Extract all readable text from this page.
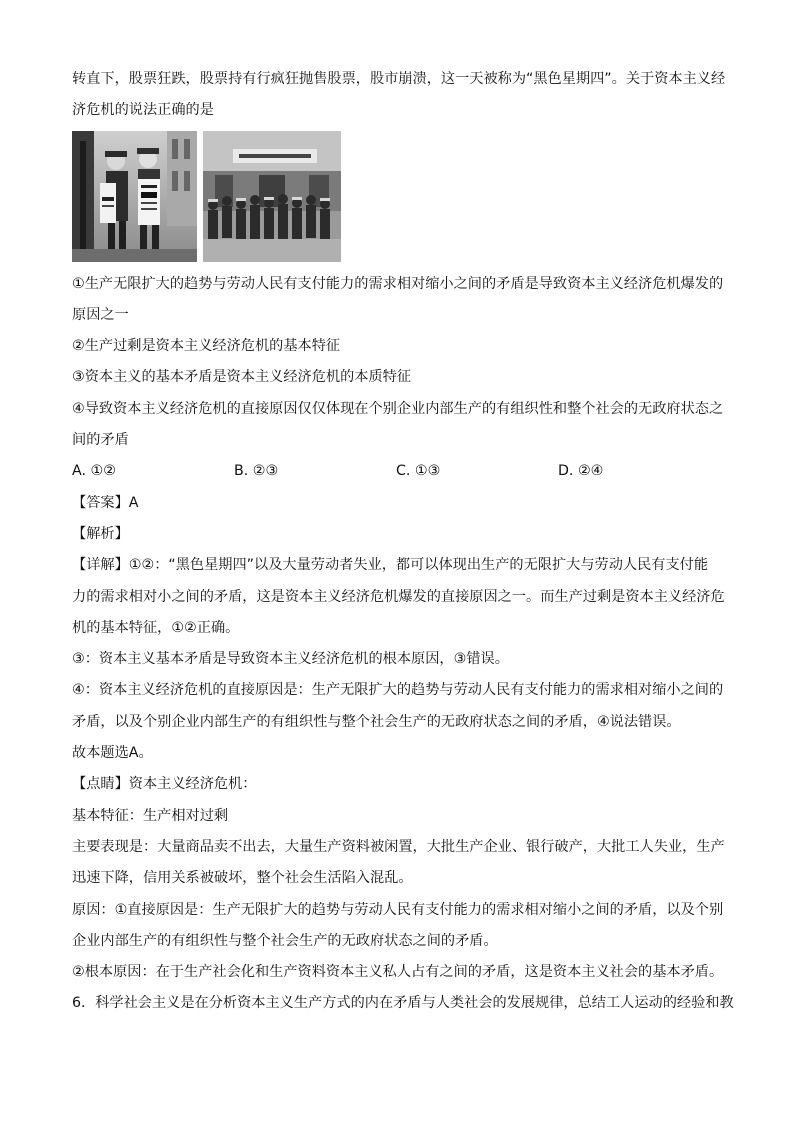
转直下，股票狂跌，股票持有行疯狂抛售股票，股市崩溃，这一天被称为“黑色星期四”。关于资本主义经
济危机的说法正确的是
①生产无限扩大的趋势与劳动人民有支付能力的需求相对缩小之间的矛盾是导致资本主义经济危机爆发的
原因之一
②生产过剩是资本主义经济危机的基本特征
③资本主义的基本矛盾是资本主义经济危机的本质特征
④导致资本主义经济危机的直接原因仅仅体现在个别企业内部生产的有组织性和整个社会的无政府状态之
间的矛盾
A. ①②	B. ②③	C. ①③	D. ②④
【答案】A
【解析】
【详解】①②：“黑色星期四”以及大量劳动者失业，都可以体现出生产的无限扩大与劳动人民有支付能
力的需求相对小之间的矛盾，这是资本主义经济危机爆发的直接原因之一。而生产过剩是资本主义经济危
机的基本特征，①②正确。
③：资本主义基本矛盾是导致资本主义经济危机的根本原因，③错误。
④：资本主义经济危机的直接原因是：生产无限扩大的趋势与劳动人民有支付能力的需求相对缩小之间的
矛盾，以及个别企业内部生产的有组织性与整个社会生产的无政府状态之间的矛盾，④说法错误。
故本题选A。
【点睛】资本主义经济危机：
基本特征：生产相对过剩
主要表现是：大量商品卖不出去，大量生产资料被闲置，大批生产企业、银行破产，大批工人失业，生产
迅速下降，信用关系被破坏，整个社会生活陷入混乱。
原因：①直接原因是：生产无限扩大的趋势与劳动人民有支付能力的需求相对缩小之间的矛盾，以及个别
企业内部生产的有组织性与整个社会生产的无政府状态之间的矛盾。
②根本原因：在于生产社会化和生产资料资本主义私人占有之间的矛盾，这是资本主义社会的基本矛盾。
6．科学社会主义是在分析资本主义生产方式的内在矛盾与人类社会的发展规律，总结工人运动的经验和教
